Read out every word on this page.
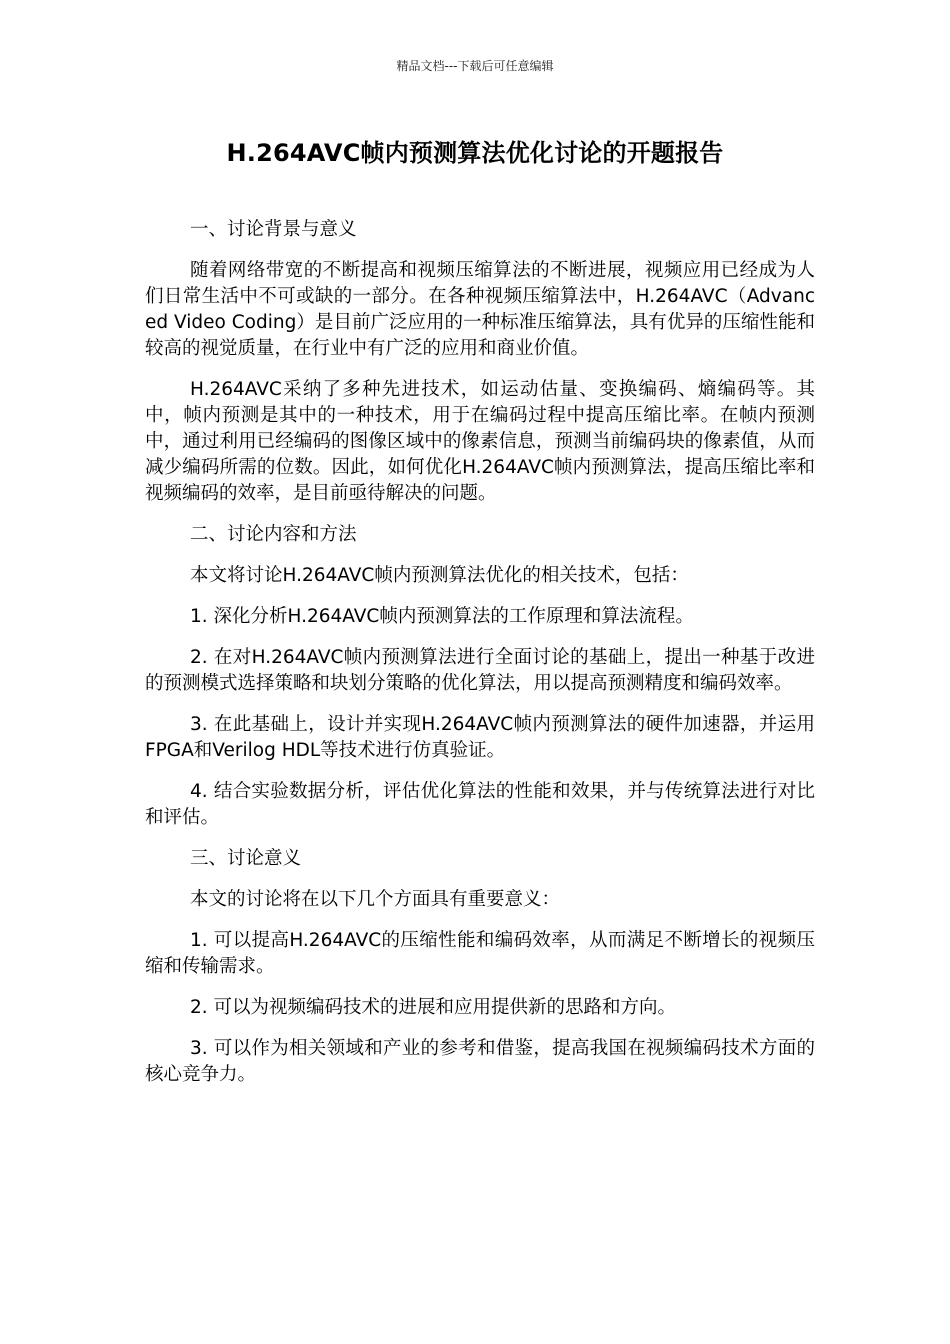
精品文档---下载后可任意编辑
H.264AVC帧内预测算法优化讨论的开题报告

一、讨论背景与意义

随着网络带宽的不断提高和视频压缩算法的不断进展，视频应用已经成为人们日常生活中不可或缺的一部分。在各种视频压缩算法中，H.264AVC（Advanced Video Coding）是目前广泛应用的一种标准压缩算法，具有优异的压缩性能和较高的视觉质量，在行业中有广泛的应用和商业价值。

H.264AVC采纳了多种先进技术，如运动估量、变换编码、熵编码等。其中，帧内预测是其中的一种技术，用于在编码过程中提高压缩比率。在帧内预测中，通过利用已经编码的图像区域中的像素信息，预测当前编码块的像素值，从而减少编码所需的位数。因此，如何优化H.264AVC帧内预测算法，提高压缩比率和视频编码的效率，是目前亟待解决的问题。

二、讨论内容和方法

本文将讨论H.264AVC帧内预测算法优化的相关技术，包括：

1. 深化分析H.264AVC帧内预测算法的工作原理和算法流程。

2. 在对H.264AVC帧内预测算法进行全面讨论的基础上，提出一种基于改进的预测模式选择策略和块划分策略的优化算法，用以提高预测精度和编码效率。

3. 在此基础上，设计并实现H.264AVC帧内预测算法的硬件加速器，并运用FPGA和Verilog HDL等技术进行仿真验证。

4. 结合实验数据分析，评估优化算法的性能和效果，并与传统算法进行对比和评估。

三、讨论意义

本文的讨论将在以下几个方面具有重要意义：

1. 可以提高H.264AVC的压缩性能和编码效率，从而满足不断增长的视频压缩和传输需求。

2. 可以为视频编码技术的进展和应用提供新的思路和方向。

3. 可以作为相关领域和产业的参考和借鉴，提高我国在视频编码技术方面的核心竞争力。
